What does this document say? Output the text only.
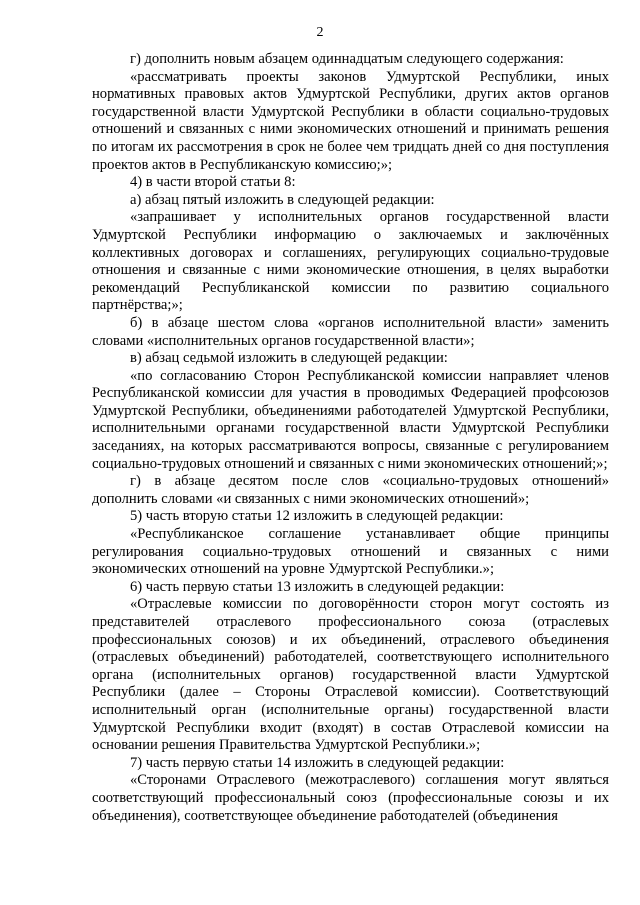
2

г) дополнить новым абзацем одиннадцатым следующего содержания:

«рассматривать проекты законов Удмуртской Республики, иных нормативных правовых актов Удмуртской Республики, других актов органов государственной власти Удмуртской Республики в области социально-трудовых отношений и связанных с ними экономических отношений и принимать решения по итогам их рассмотрения в срок не более чем тридцать дней со дня поступления проектов актов в Республиканскую комиссию;»;

4) в части второй статьи 8:

а) абзац пятый изложить в следующей редакции:

«запрашивает у исполнительных органов государственной власти Удмуртской Республики информацию о заключаемых и заключённых коллективных договорах и соглашениях, регулирующих социально-трудовые отношения и связанные с ними экономические отношения, в целях выработки рекомендаций Республиканской комиссии по развитию социального партнёрства;»;

б) в абзаце шестом слова «органов исполнительной власти» заменить словами «исполнительных органов государственной власти»;

в) абзац седьмой изложить в следующей редакции:

«по согласованию Сторон Республиканской комиссии направляет членов Республиканской комиссии для участия в проводимых Федерацией профсоюзов Удмуртской Республики, объединениями работодателей Удмуртской Республики, исполнительными органами государственной власти Удмуртской Республики заседаниях, на которых рассматриваются вопросы, связанные с регулированием социально-трудовых отношений и связанных с ними экономических отношений;»;

г) в абзаце десятом после слов «социально-трудовых отношений» дополнить словами «и связанных с ними экономических отношений»;

5) часть вторую статьи 12 изложить в следующей редакции:

«Республиканское соглашение устанавливает общие принципы регулирования социально-трудовых отношений и связанных с ними экономических отношений на уровне Удмуртской Республики.»;

6) часть первую статьи 13 изложить в следующей редакции:

«Отраслевые комиссии по договорённости сторон могут состоять из представителей отраслевого профессионального союза (отраслевых профессиональных союзов) и их объединений, отраслевого объединения (отраслевых объединений) работодателей, соответствующего исполнительного органа (исполнительных органов) государственной власти Удмуртской Республики (далее – Стороны Отраслевой комиссии). Соответствующий исполнительный орган (исполнительные органы) государственной власти Удмуртской Республики входит (входят) в состав Отраслевой комиссии на основании решения Правительства Удмуртской Республики.»;

7) часть первую статьи 14 изложить в следующей редакции:

«Сторонами Отраслевого (межотраслевого) соглашения могут являться соответствующий профессиональный союз (профессиональные союзы и их объединения), соответствующее объединение работодателей (объединения
